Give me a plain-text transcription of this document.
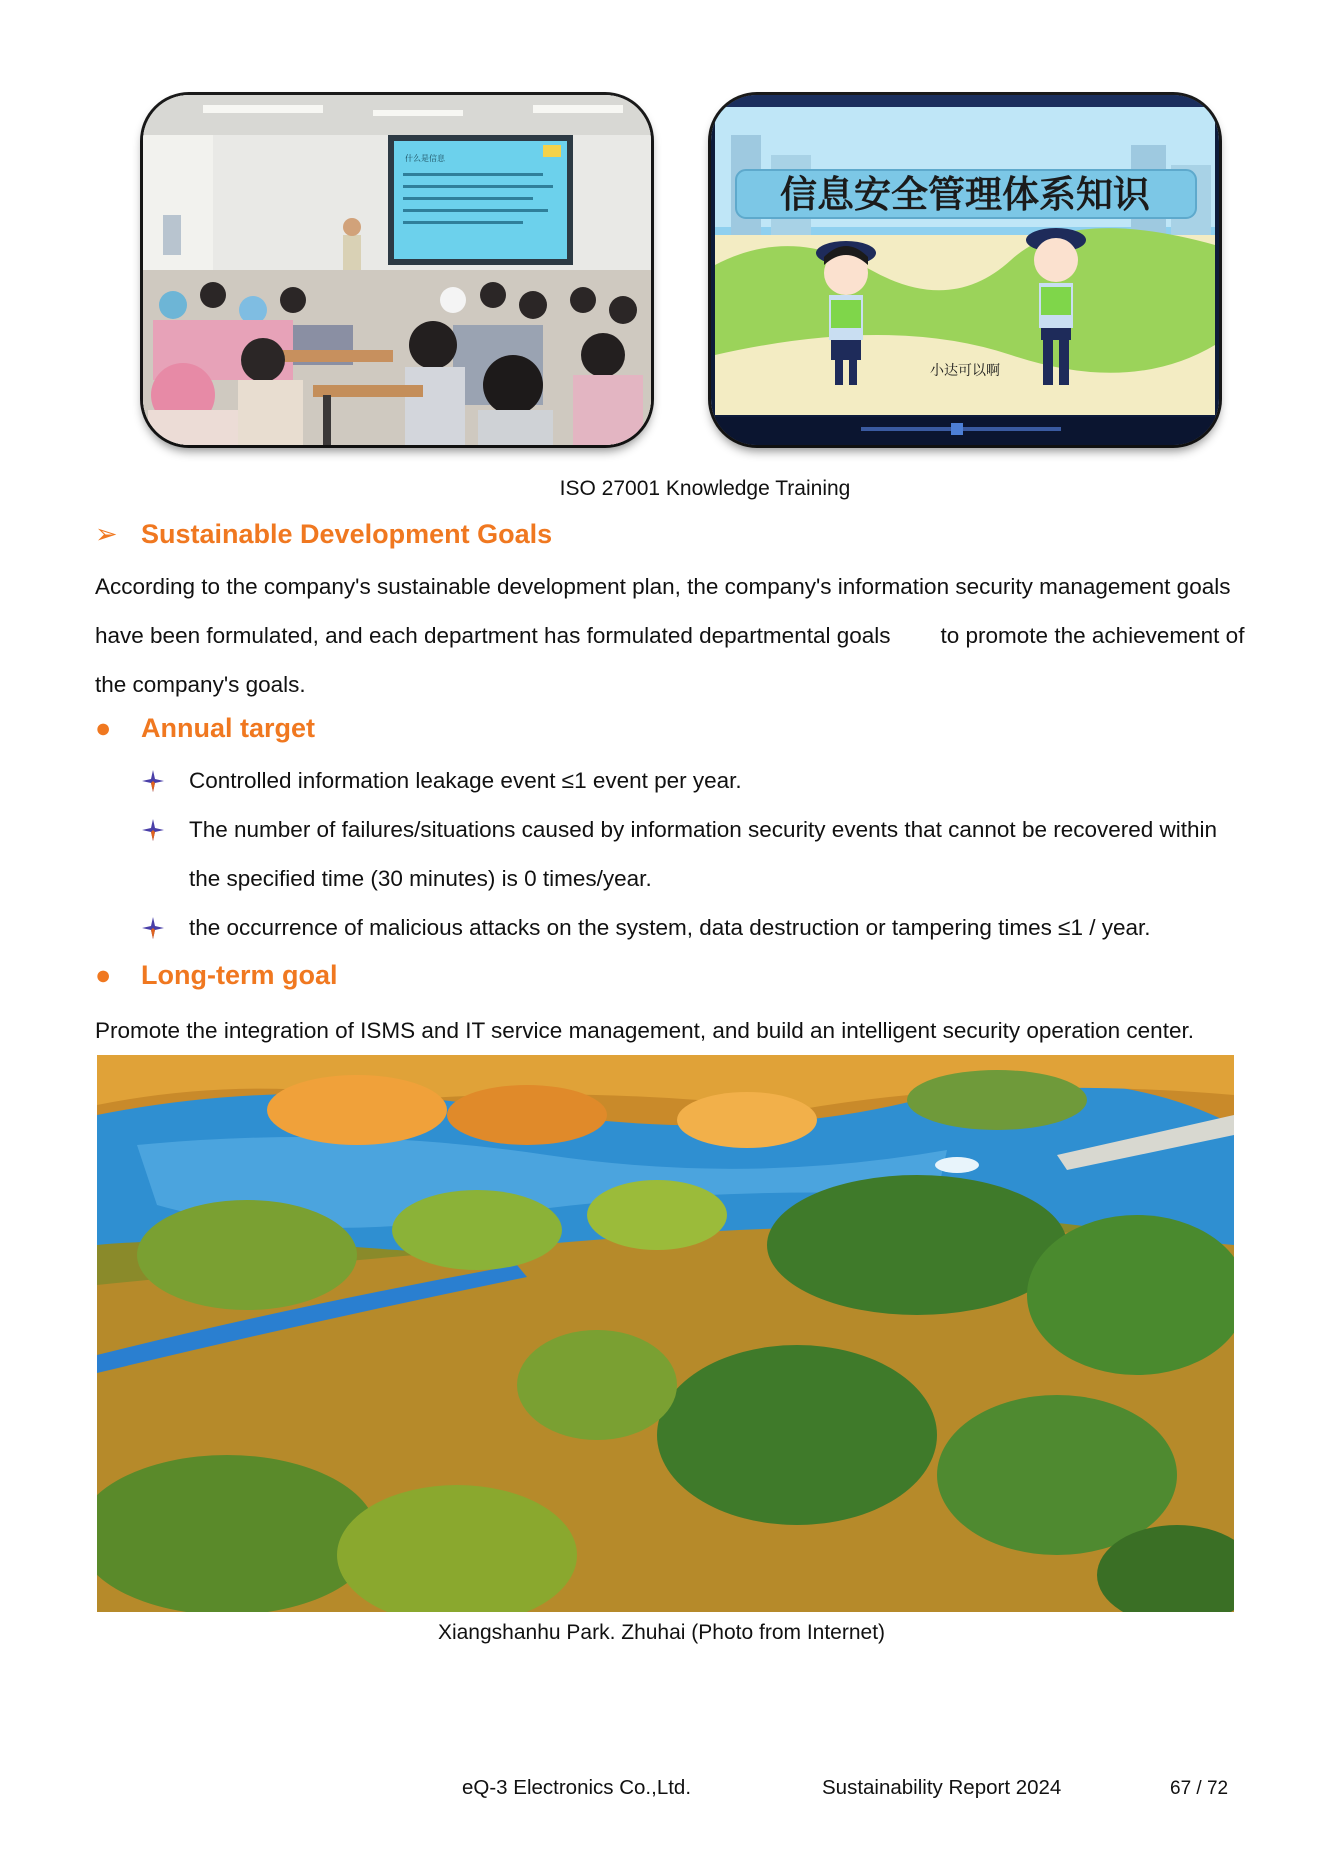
什么是信息
信息安全管理体系知识
小达可以啊
ISO 27001 Knowledge Training
➢ Sustainable Development Goals
According to the company's sustainable development plan, the company's information security management goals have been formulated, and each department has formulated departmental goals to promote the achievement of the company's goals.
●	Annual target
Controlled information leakage event ≤1 event per year.
The number of failures/situations caused by information security events that cannot be recovered within the specified time (30 minutes) is 0 times/year.
the occurrence of malicious attacks on the system, data destruction or tampering times ≤1 / year.
●	Long-term goal
Promote the integration of ISMS and IT service management, and build an intelligent security operation center.
Xiangshanhu Park. Zhuhai (Photo from Internet)
eQ-3 Electronics Co.,Ltd.	Sustainability Report 2024	67 / 72
